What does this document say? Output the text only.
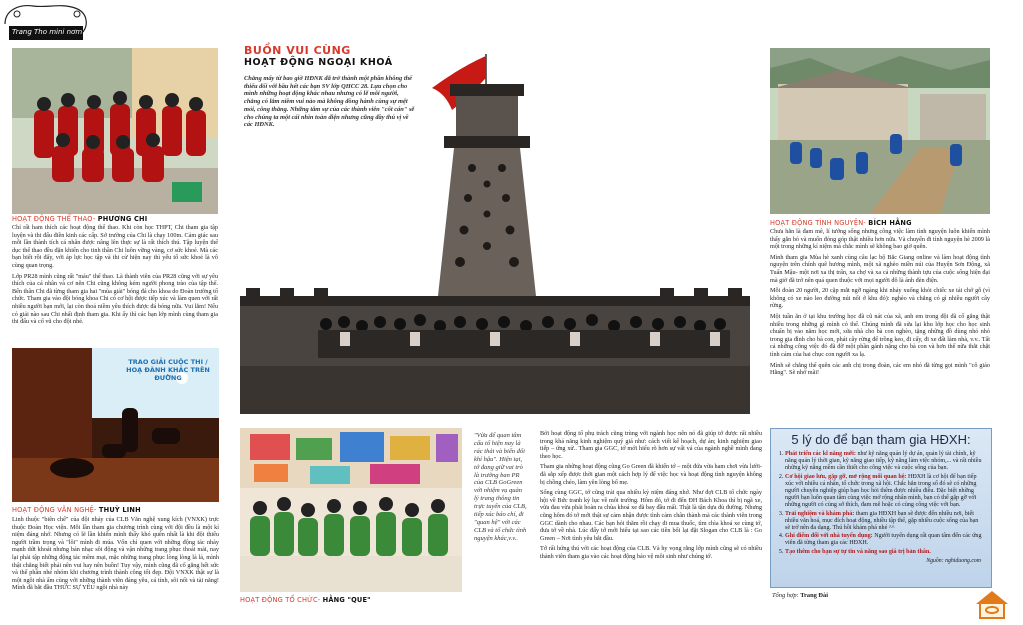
Trang Tho mini nơm
HOẠT ĐỘNG THỂ THAO- PHƯƠNG CHI

Chỉ rất ham thích các hoạt động thể thao. Khi còn học THPT, Chi tham gia tập luyện và thi đấu điền kinh các cấp. Sở trường của Chi là chạy 100m. Cảm giác sau mỗi lần thành tích cá nhân được nâng lên thực sự là rất thích thú. Tập luyện thể dục thể thao đều đặn khiến cho tinh thần Chi luôn vững vàng, cơ sức khoẻ. Mà các bạn biết rồi đấy, với áp lực học tập và thi cử hiện nay thì yếu tố sức khoẻ là vô cùng quan trọng.

Lớp PR28 mình cũng rất "máu" thể thao. Là thành viên của PR28 cũng với sự yêu thích của cá nhân và cơ nên Chi cũng không kém người phong trào của tập thể. Bến thân Chi đã từng tham gia hai "mùa giải" bóng đá cho khoa do Đoàn trường tổ chức. Tham gia vào đội bóng khoa Chi có cơ hội được tiếp xúc và làm quen với rất nhiều người bạn mới, lại còn thoả niềm yêu thích được đá bóng nữa. Vui lắm! Nếu có giải nào sau Chi nhất định tham gia. Khi ấy thì các bạn lớp mình cùng tham gia thi đấu và cổ vũ cho đội nhé.

TRAO GIẢI CUỘC THI / HOẠ ĐÀNH KHÁC TRÊN ĐƯỜNG
HOẠT ĐỘNG VĂN NGHỆ- THUỲ LINH

Linh thuộc "biên chế" của đội nhảy của CLB Văn nghệ xung kích (VNXK) trực thuộc Đoàn Học viện. Mỗi lần tham gia chương trình cùng với đội đều là một kỉ niệm đáng nhớ. Nhưng có lẽ lần khiến mình thấy khó quên nhất là khi đội thiếu người trầm trọng và "lôi" mình đi múa. Vốn chỉ quen với những động tác nhảy mạnh dứt khoát nhưng bản nhạc sôi động và vận những trang phục thoải mái, nay lại phải tập những động tác mềm mại, mặc những trang phục lòng lòng lả lả, mình thật chẳng biết phải nên vui hay nên buồn! Tuy vậy, mình cũng đã cố gắng hết sức và thế phần nhé nhóm khi chương trình thành công tốt đẹp. Đội VNXK thật sự là một ngôi nhà ấm cùng với những thành viên đáng yêu, cá tính, sôi nổi và tài năng! Mình đã bắt đầu THỨC SỰ YÊU ngôi nhà này

BUỒN VUI CÙNG
HOẠT ĐỘNG NGOẠI KHOÁ
Chẳng mấy từ bao giờ HĐNK đã trở thành một phần không thể thiếu đối với bầu hết các bạn SV lớp QHCC 28. Lựa chọn cho mình những hoạt động khác nhau nhưng có lẽ mỗi người, chẳng có lắm niềm vui nào mà không đồng hành cùng sự mệt mỏi, công thẳng. Những tâm sự của các thành viên "cốt cán" sẽ cho chúng ta một cái nhìn toàn diện nhưng cũng đầy thú vị về các HĐNK.
HOẠT ĐỘNG TÌNH NGUYỆN- BÍCH HẰNG

Chưa hẳn là đam mê, lí tưởng sống nhưng công việc làm tình nguyện luôn khiến mình thấy gắn bó và muốn đóng góp thật nhiều hơn nữa. Và chuyến đi tình nguyện hè 2009 là một trong những kỉ niệm mà chắc mình sẽ không bao giờ quên.

Mình tham gia Mùa hè xanh cùng câu lạc bộ Bắc Giang online và làm hoạt động tình nguyện trên chính quê hương mình, một xã nghèo miền núi của Huyện Sơn Động, xã Tuấn Mậu- một nơi xa thị trấn, xa chợ và xa cả những thành tựu của cuộc sống hiện đại mà giờ đã trở nên quá quen thuộc với mọi người đô là ánh đèn điện.

Mỗi đoàn 20 người, 20 cặp mắt ngỡ ngàng khi nhảy xuống khỏi chiếc xe tải chở gỗ (vì không có xe nào leo đường núi nổi ở khu đó): nghèo và chẳng có gì nhiều người cây rừng.

Một tuần ăn ở tại khu trường học đã cũ nát của xã, anh em trong đội đã cố gắng thật nhiều trong những gì mình có thể. Chúng mình đã sửa lại khu lớp học cho học sinh chuẩn bị vào năm học mới, sửa nhà cho bà con nghèo, tặng những đồ dùng nhỏ nhỏ trong gia đình cho bà con, phát cây rừng để trồng keo, đi cấy, đi xe đất làm nhà, v.v.. Tất cả những công việc đó đã đỡ một phần gánh nặng cho bà con và hơn thế nữa thắt chặt tình cảm của hai chục con người xa lạ.

Mình sẽ chẳng thể quên các anh chị trong đoàn, các em nhỏ đã từng gọi mình "cô giáo Hằng". Sẽ nhớ mãi!

HOẠT ĐỘNG TỔ CHỨC- HẰNG "QUE"
"Vừa để quan tâm cấu tổ hiện nay là rác thải và biến đổi khí hậu". Hiện tại, tớ đang giữ vai trò là trưởng ban PR của CLB GoGreen với nhiệm vụ quản lý trang thông tin trực tuyến của CLB, tiếp xúc báo chí, đi "quan hệ" với các CLB và tổ chức tình nguyện khác,v.v..

Bởi hoạt động tổ phụ trách cũng trùng với ngành học nên nó đã giúp tớ được rất nhiều trong khả năng kinh nghiệm quý giá như: cách viết kế hoạch, dự án; kinh nghiệm giao tiếp – ứng xử.. Tham gia GGC, tớ mới hiểu rõ hơn sự vất vả của ngành nghề mình đang theo học.

Tham gia những hoạt động cũng Go Green đã khiến tớ – một đứa vừa ham chơi vừa lười- đã sắp xếp được thời gian một cách hợp lý để việc học và hoạt động tình nguyện không bị chồng chéo, làm yên lòng bố mẹ.

Sống cùng GGC, tớ cũng trải qua nhiều kỷ niệm đáng nhớ. Như đợt CLB tổ chức ngày hội về Bức tranh kỷ lục về môi trường. Hôm đó, tớ đi đến ĐH Bách Khoa thì bị ngã xe, vừa đau vừa phải hoàn ra chùa khoá xe đã bay đầu mất. Thật là tận dựa đủ đường. Nhưng cũng hôm đó tớ mới thật sự cảm nhận được tình cảm chân thành mà các thành viên trong GGC dành cho nhau. Các bạn hỏi thăm rồi chạy đi mua thuốc, tìm chìa khoá xe cùng tớ, đưa tớ về nhà. Lúc đấy tớ mới hiểu tại sao các tiền bối lại đặt Slogan cho CLB là : Go Green – Nơi tình yêu bắt đầu.

Tớ rất hứng thú với các hoạt động của CLB. Và hy vọng rằng lớp mình cũng sẽ có nhiều thành viên tham gia vào các hoạt động bảo vệ môi sinh như chúng tớ.

5 lý do để bạn tham gia HĐXH:
1. Phát triển các kĩ năng mới: như kỹ năng quản lý dự án, quản lý tài chính, kỹ năng quản lý thời gian, kỹ năng giao tiếp, kỹ năng làm việc nhóm,... và rất nhiều những kỹ năng mềm cần thiết cho công việc và cuộc sống của bạn.
2. Cơ hội giao lưu, gặp gỡ, mở rộng mối quan hệ: HĐXH là cơ hội để bạn tiếp xúc với nhiều cá nhân, tổ chức trong xã hội. Chắc hẳn trong số đó sẽ có những người chuyên nghiệp giúp bạn học hỏi thêm được nhiều điều. Đặc biệt những người bạn luôn quan tâm cùng việc mở rộng nhân mình, bạn có thể gặp gỡ với những người có cùng sở thích, đam mê hoặc có cùng công việc với bạn.
3. Trải nghiệm và khám phá: tham gia HĐXH bạn sẽ được đến nhiều nơi, biết nhiều văn hoá, mục đích hoạt động, nhiều tập thể, gặp nhiều cuộc sống của bạn sẽ trở nên đa dạng. Thú hồi khám phá nhé ^^
4. Ghi điểm đối với nhà tuyển dụng: Người tuyển dụng rất quan tâm đến các ứng viên đã từng tham gia các HĐXH.
5. Tạo thêm cho bạn sự tự tin và năng sao giá trị bản thân.
Nguồn: nghiduong.com
Tổng hợp: Trang Đài
